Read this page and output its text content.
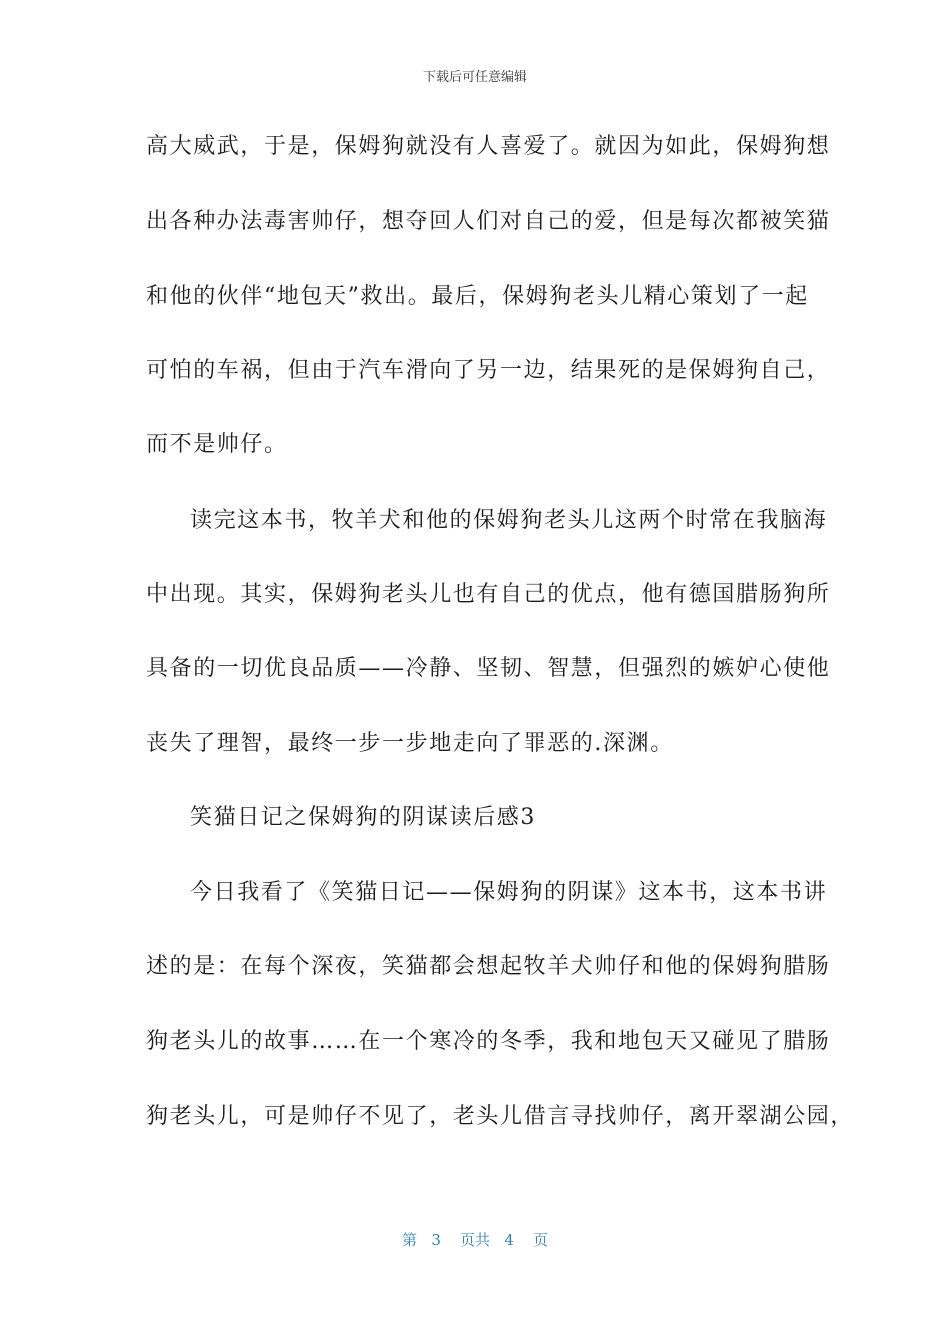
下载后可任意编辑
高大威武，于是，保姆狗就没有人喜爱了。就因为如此，保姆狗想
出各种办法毒害帅仔，想夺回人们对自己的爱，但是每次都被笑猫
和他的伙伴“地包天”救出。最后，保姆狗老头儿精心策划了一起
可怕的车祸，但由于汽车滑向了另一边，结果死的是保姆狗自己，
而不是帅仔。
读完这本书，牧羊犬和他的保姆狗老头儿这两个时常在我脑海
中出现。其实，保姆狗老头儿也有自己的优点，他有德国腊肠狗所
具备的一切优良品质——冷静、坚韧、智慧，但强烈的嫉妒心使他
丧失了理智，最终一步一步地走向了罪恶的.深渊。
笑猫日记之保姆狗的阴谋读后感3
今日我看了《笑猫日记——保姆狗的阴谋》这本书，这本书讲
述的是：在每个深夜，笑猫都会想起牧羊犬帅仔和他的保姆狗腊肠
狗老头儿的故事……在一个寒冷的冬季，我和地包天又碰见了腊肠
狗老头儿，可是帅仔不见了，老头儿借言寻找帅仔，离开翠湖公园，
第 3 页共 4 页
